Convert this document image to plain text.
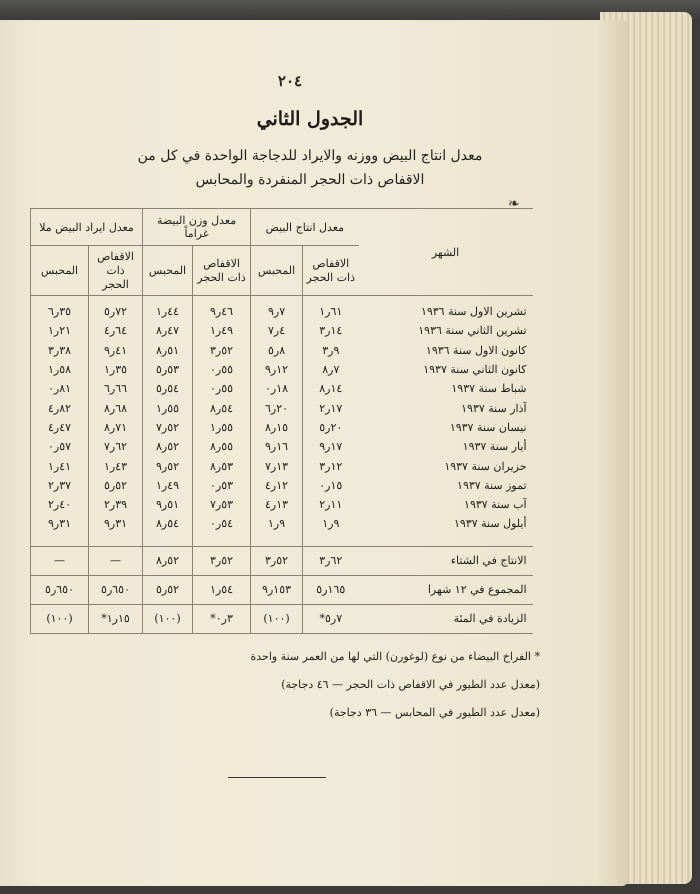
٢٠٤
الجدول الثاني
معدل انتاج البيض ووزنه والايراد للدجاجة الواحدة في كل من
الاقفاص ذات الحجر المنفردة والمحابس
❧
الشهر	معدل انتاج البيض		معدل وزن البيضة غراماً		معدل ايراد البيض ملا	
	الاقفاص ذات الحجر	المحبس	الاقفاص ذات الحجر	المحبس	الاقفاص ذات الحجر	المحبس

تشرين الاول سنة ١٩٣٦	٦١ر١	٧ر٩	٤٦ر٩	٤٤ر١	٧٢ر٥	٣٥ر٦
تشرين الثاني سنة ١٩٣٦	١٤ر٣	٤ر٧	٤٩ر١	٤٧ر٨	٦٤ر٤	٢١ر١
كانون الاول سنة ١٩٣٦	٩ر٣	٨ر٥	٥٢ر٣	٥١ر٨	٤١ر٩	٣٨ر٣
كانون الثاني سنة ١٩٣٧	٧ر٨	١٢ر٩	٥٥ر٠	٥٣ر٥	٣٥ر١	٥٨ر١
شباط سنة ١٩٣٧	١٤ر٨	١٨ر٠	٥٥ر٠	٥٤ر٥	٦٦ر٦	٨١ر٠
آذار سنة ١٩٣٧	١٧ر٢	٢٠ر٦	٥٤ر٨	٥٥ر١	٦٨ر٨	٨٢ر٤
نيسان سنة ١٩٣٧	٢٠ر٥	١٥ر٨	٥٥ر١	٥٢ر٧	٧١ر٨	٤٧ر٤
أيار سنة ١٩٣٧	١٧ر٩	١٦ر٩	٥٥ر٨	٥٢ر٨	٦٢ر٧	٥٧ر٠
حزيران سنة ١٩٣٧	١٢ر٣	١٣ر٧	٥٣ر٨	٥٢ر٩	٤٣ر١	٤١ر١
تموز سنة ١٩٣٧	١٥ر٠	١٢ر٤	٥٣ر٠	٤٩ر١	٥٢ر٥	٣٧ر٢
آب سنة ١٩٣٧	١١ر٢	١٣ر٤	٥٣ر٧	٥١ر٩	٣٩ر٢	٤٠ر٢
أيلول سنة ١٩٣٧	٩ر١	٩ر١	٥٤ر٠	٥٤ر٨	٣١ر٩	٣١ر٩

الانتاج في الشتاء	٦٢ر٣	٥٢ر٣	٥٢ر٣	٥٢ر٨	—	—
المجموع في ١٢ شهرا	١٦٥ر٥	١٥٣ر٩	٥٤ر١	٥٢ر٥	٦٥٠ر٥	٦٥٠ر٥
الزيادة في المئة	٧ر٥*	(١٠٠)	٣ر٠*	(١٠٠)	١٥ر١*	(١٠٠)
* الفراخ البيضاء من نوع (لوغورن) التي لها من العمر سنة واحدة
(معدل عدد الطيور في الاقفاص ذات الحجر — ٤٦ دجاجة)
(معدل عدد الطيور في المحابس — ٣٦ دجاجة)
